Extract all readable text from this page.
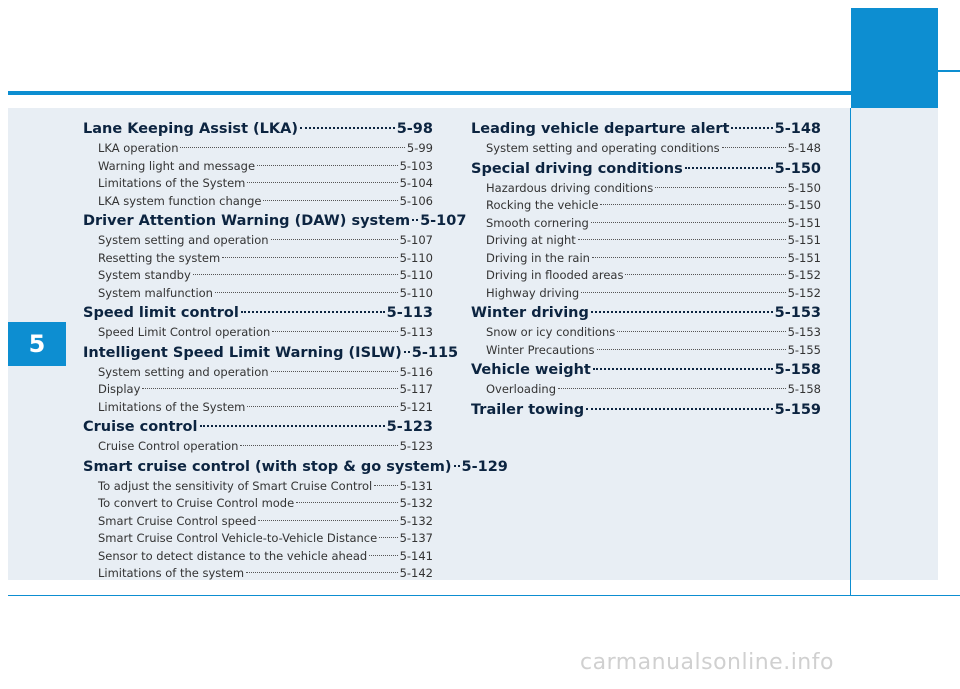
5
Lane Keeping Assist (LKA)	5-98
LKA operation	5-99
Warning light and message	5-103
Limitations of the System	5-104
LKA system function change	5-106
Driver Attention Warning (DAW) system 5-107
System setting and operation	5-107
Resetting the system	5-110
System standby	5-110
System malfunction	5-110
Speed limit control	5-113
Speed Limit Control operation	5-113
Intelligent Speed Limit Warning (ISLW) 5-115
System setting and operation	5-116
Display	5-117
Limitations of the System	5-121
Cruise control	5-123
Cruise Control operation	5-123
Smart cruise control (with stop & go system) 5-129
To adjust the sensitivity of Smart Cruise Control 5-131
To convert to Cruise Control mode	5-132
Smart Cruise Control speed	5-132
Smart Cruise Control Vehicle-to-Vehicle Distance 5-137
Sensor to detect distance to the vehicle ahead	5-141
Limitations of the system	5-142
Leading vehicle departure alert	5-148
System setting and operating conditions	5-148
Special driving conditions	5-150
Hazardous driving conditions	5-150
Rocking the vehicle	5-150
Smooth cornering	5-151
Driving at night	5-151
Driving in the rain	5-151
Driving in flooded areas	5-152
Highway driving	5-152
Winter driving	5-153
Snow or icy conditions	5-153
Winter Precautions	5-155
Vehicle weight	5-158
Overloading	5-158
Trailer towing	5-159
carmanualsonline.info
